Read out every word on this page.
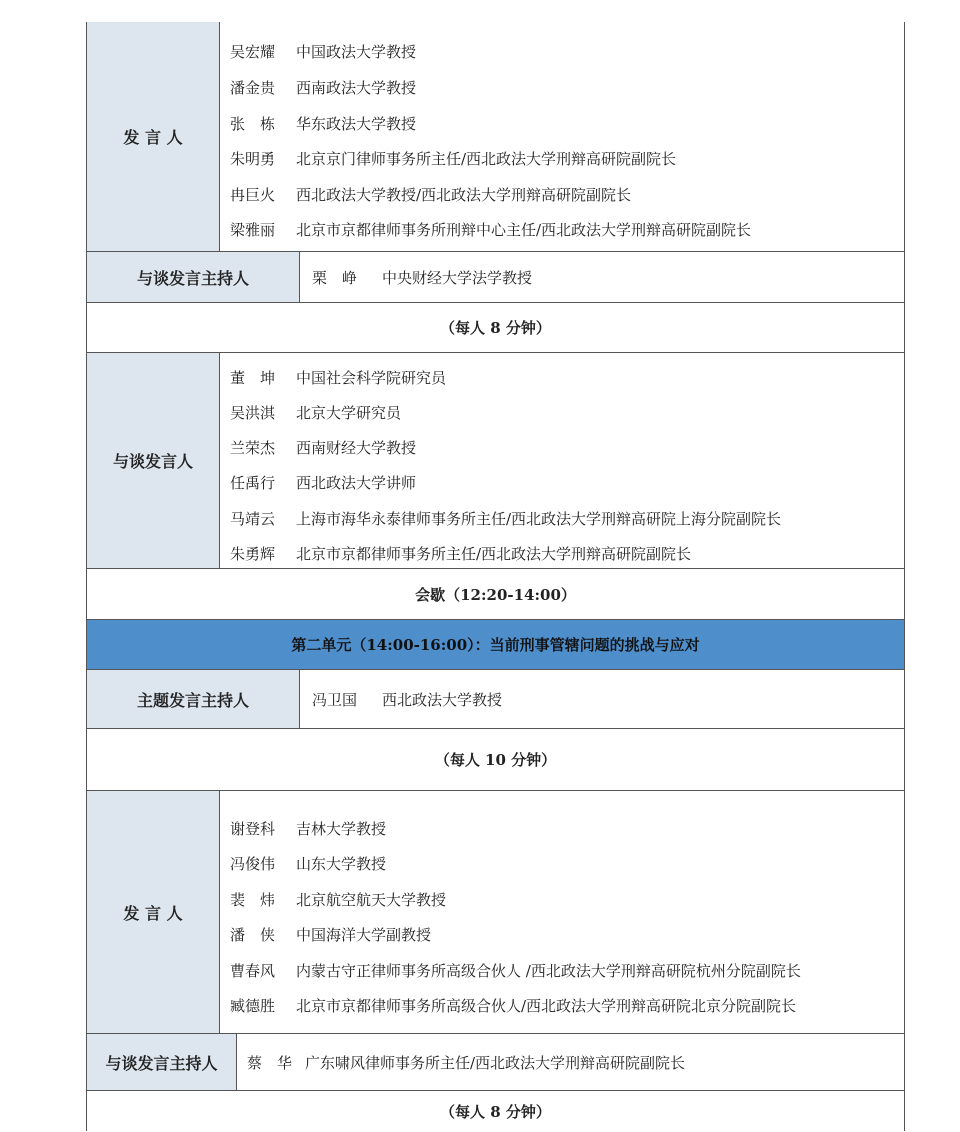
发 言 人
吴宏耀	中国政法大学教授
潘金贵	西南政法大学教授
张　栋	华东政法大学教授
朱明勇	北京京门律师事务所主任/西北政法大学刑辩高研院副院长
冉巨火	西北政法大学教授/西北政法大学刑辩高研院副院长
梁雅丽	北京市京都律师事务所刑辩中心主任/西北政法大学刑辩高研院副院长
与谈发言主持人	栗　峥	中央财经大学法学教授
（每人 8 分钟）
与谈发言人
董　坤	中国社会科学院研究员
吴洪淇	北京大学研究员
兰荣杰	西南财经大学教授
任禹行	西北政法大学讲师
马靖云	上海市海华永泰律师事务所主任/西北政法大学刑辩高研院上海分院副院长
朱勇辉	北京市京都律师事务所主任/西北政法大学刑辩高研院副院长
会歇（12:20-14:00）
第二单元（14:00-16:00）：当前刑事管辖问题的挑战与应对
主题发言主持人	冯卫国	西北政法大学教授
（每人 10 分钟）
发 言 人
谢登科	吉林大学教授
冯俊伟	山东大学教授
裴　炜	北京航空航天大学教授
潘　侠	中国海洋大学副教授
曹春风	内蒙古守正律师事务所高级合伙人 /西北政法大学刑辩高研院杭州分院副院长
臧德胜	北京市京都律师事务所高级合伙人/西北政法大学刑辩高研院北京分院副院长
与谈发言主持人 蔡　华 广东啸风律师事务所主任/西北政法大学刑辩高研院副院长
（每人 8 分钟）
